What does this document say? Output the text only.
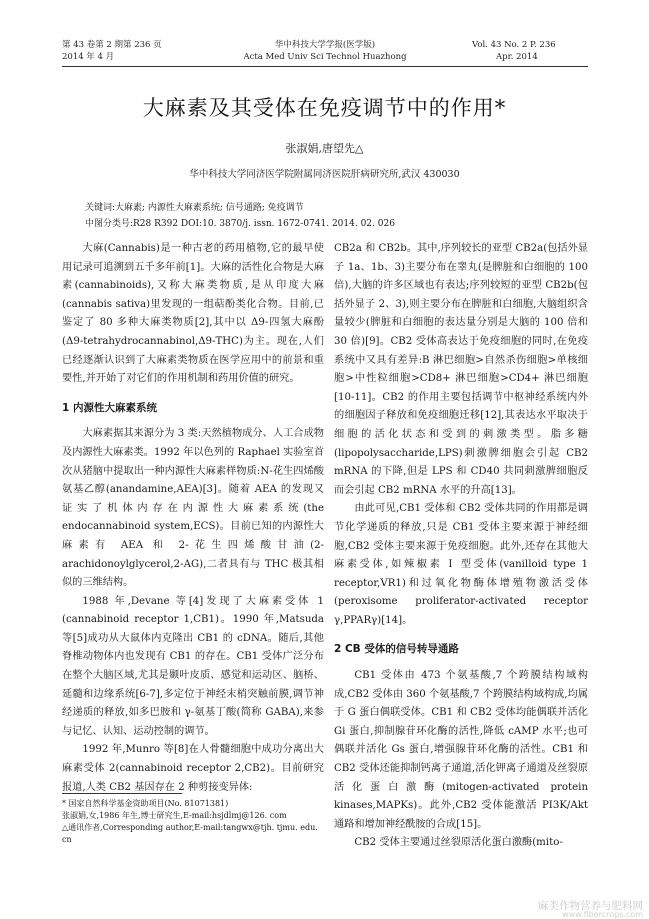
第 43 卷第 2 期第 236 页
2014 年 4 月
华中科技大学学报(医学版)
Acta Med Univ Sci Technol Huazhong
Vol. 43 No. 2 P. 236
Apr. 2014
大麻素及其受体在免疫调节中的作用*
张淑娟,唐望先△
华中科技大学同济医学院附属同济医院肝病研究所,武汉 430030
关键词:大麻素; 内源性大麻素系统; 信号通路; 免疫调节
中图分类号:R28 R392 DOI:10. 3870/j. issn. 1672-0741. 2014. 02. 026

大麻(Cannabis)是一种古老的药用植物,它的最早使用记录可追溯到五千多年前[1]。大麻的活性化合物是大麻素(cannabinoids),又称大麻类物质,是从印度大麻(cannabis sativa)里发现的一组萜酚类化合物。目前,已鉴定了 80 多种大麻类物质[2],其中以 Δ9-四氢大麻酚(Δ9-tetrahydrocannabinol,Δ9-THC)为主。现在,人们已经逐渐认识到了大麻素类物质在医学应用中的前景和重要性,并开始了对它们的作用机制和药用价值的研究。

1 内源性大麻素系统

大麻素据其来源分为 3 类:天然植物成分、人工合成物及内源性大麻素类。1992 年以色列的 Raphael 实验室首次从猪脑中提取出一种内源性大麻素样物质:N-花生四烯酸氨基乙醇(anandamine,AEA)[3]。随着 AEA 的发现又证实了机体内存在内源性大麻素系统(the endocannabinoid system,ECS)。目前已知的内源性大麻素有 AEA 和 2-花生四烯酸甘油(2-arachidonoylglycerol,2-AG),二者具有与 THC 极其相似的三维结构。

1988 年,Devane 等[4]发现了大麻素受体 1 (cannabinoid receptor 1,CB1)。1990 年,Matsuda 等[5]成功从大鼠体内克隆出 CB1 的 cDNA。随后,其他脊椎动物体内也发现有 CB1 的存在。CB1 受体广泛分布在整个大脑区域,尤其是颞叶皮质、感觉和运动区、脑桥、延髓和边缘系统[6-7],多定位于神经末梢突触前膜,调节神经递质的释放,如多巴胺和 γ-氨基丁酸(简称 GABA),来参与记忆、认知、运动控制的调节。

1992 年,Munro 等[8]在人骨髓细胞中成功分离出大麻素受体 2(cannabinoid receptor 2,CB2)。目前研究报道,人类 CB2 基因存在 2 种剪接变异体:

* 国家自然科学基金资助项目(No. 81071381)
张淑娟,女,1986 年生,博士研究生,E-mail:hsjdlmj@126. com
△通讯作者,Corresponding author,E-mail:tangwx@tjh. tjmu. edu. cn

CB2a 和 CB2b。其中,序列较长的亚型 CB2a(包括外显子 1a、1b、3)主要分布在睾丸(是脾脏和白细胞的 100 倍),大脑的许多区域也有表达;序列较短的亚型 CB2b(包括外显子 2、3),则主要分布在脾脏和白细胞,大脑组织含量较少(脾脏和白细胞的表达量分别是大脑的 100 倍和 30 倍)[9]。CB2 受体高表达于免疫细胞的同时,在免疫系统中又具有差异:B 淋巴细胞>自然杀伤细胞>单核细胞>中性粒细胞>CD8+ 淋巴细胞>CD4+ 淋巴细胞[10-11]。CB2 的作用主要包括调节中枢神经系统内外的细胞因子释放和免疫细胞迁移[12],其表达水平取决于细胞的活化状态和受到的刺激类型。脂多糖(lipopolysaccharide,LPS)刺激脾细胞会引起 CB2 mRNA 的下降,但是 LPS 和 CD40 共同刺激脾细胞反而会引起 CB2 mRNA 水平的升高[13]。

由此可见,CB1 受体和 CB2 受体共同的作用都是调节化学递质的释放,只是 CB1 受体主要来源于神经细胞,CB2 受体主要来源于免疫细胞。此外,还存在其他大麻素受体,如辣椒素 Ⅰ 型受体(vanilloid type 1 receptor,VR1)和过氧化物酶体增殖物激活受体(peroxisome proliferator-activated receptor γ,PPARγ)[14]。

2 CB 受体的信号转导通路

CB1 受体由 473 个氨基酸,7 个跨膜结构域构成,CB2 受体由 360 个氨基酸,7 个跨膜结构域构成,均属于 G 蛋白偶联受体。CB1 和 CB2 受体均能偶联并活化 Gi 蛋白,抑制腺苷环化酶的活性,降低 cAMP 水平;也可偶联并活化 Gs 蛋白,增强腺苷环化酶的活性。CB1 和 CB2 受体还能抑制钙离子通道,活化钾离子通道及丝裂原活化蛋白激酶(mitogen-activated protein kinases,MAPKs)。此外,CB2 受体能激活 PI3K/Akt 通路和增加神经酰胺的合成[15]。

CB2 受体主要通过丝裂原活化蛋白激酶(mito-

麻类作物营养与肥料网
www.fibercrops.com
